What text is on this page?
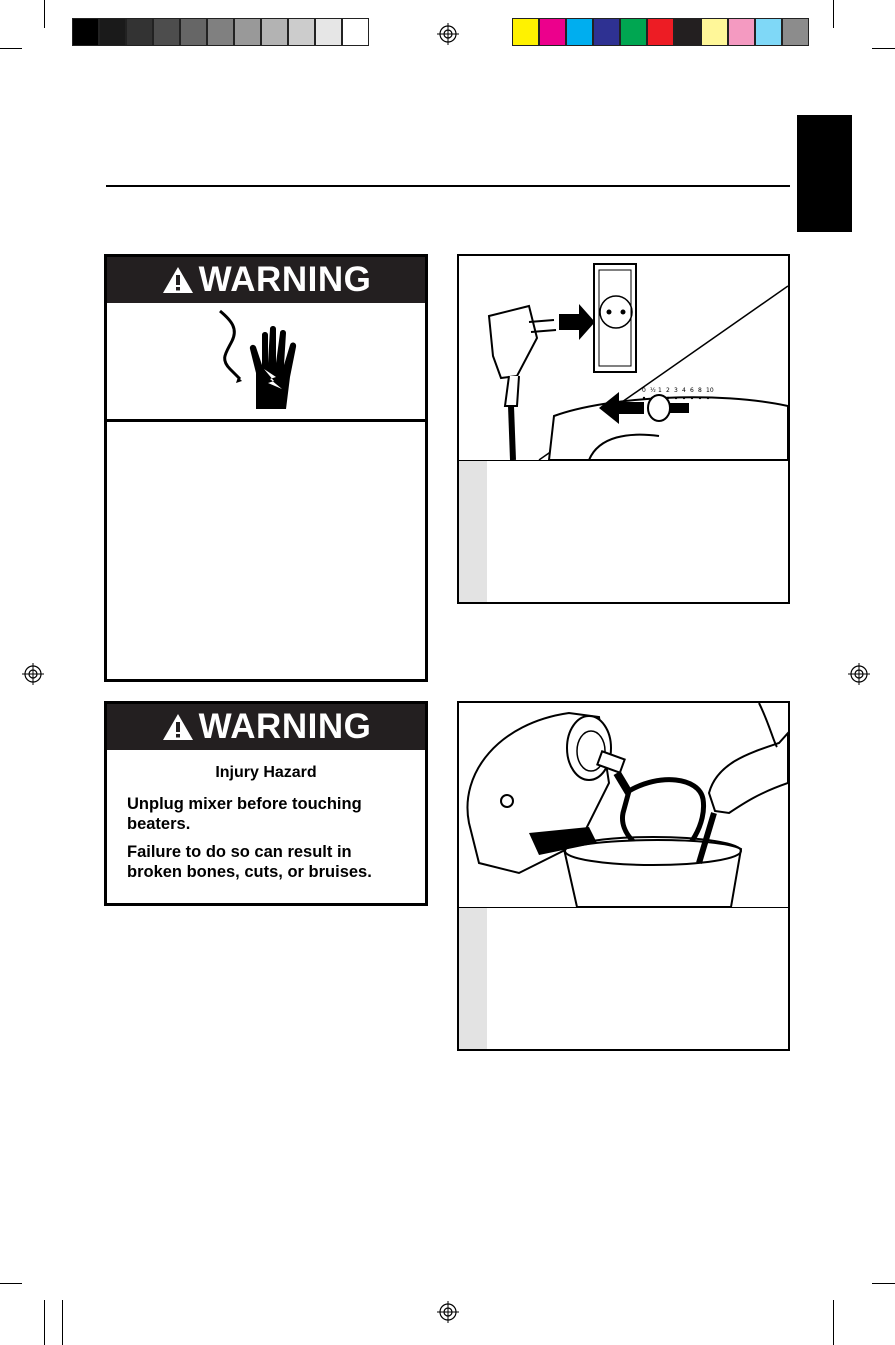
WARNING
WARNING
Injury Hazard

Unplug mixer before touching beaters.

Failure to do so can result in broken bones, cuts, or bruises.

0 ½ 1 2 3 4 6 8 10
